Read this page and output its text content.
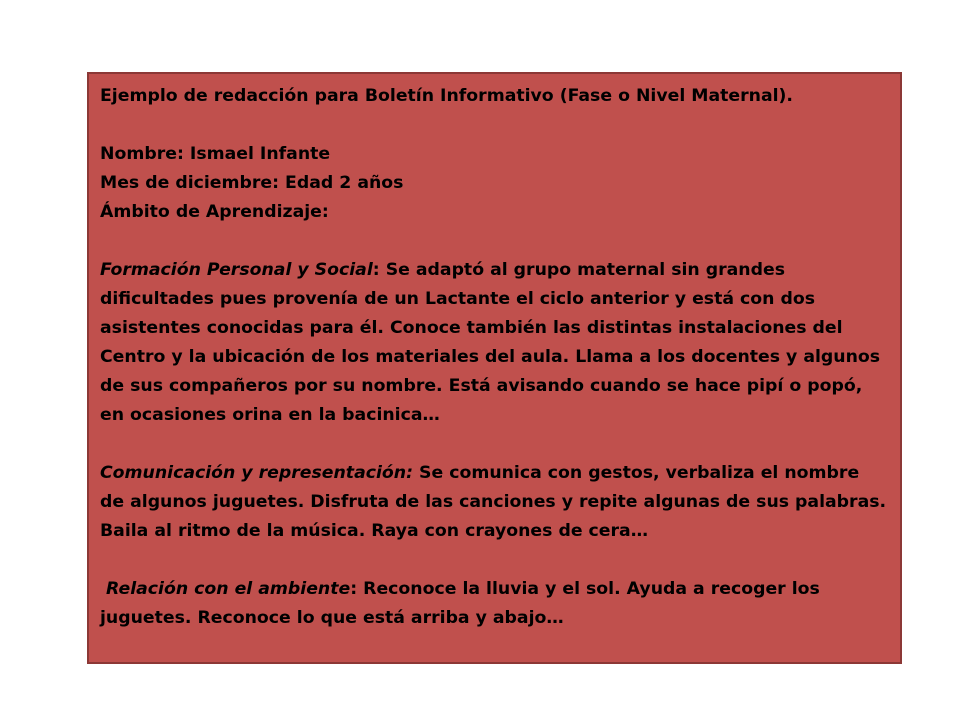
Ejemplo de redacción para Boletín Informativo (Fase o Nivel Maternal).

Nombre: Ismael Infante

Mes de diciembre: Edad 2 años

Ámbito de Aprendizaje:

Formación Personal y Social: Se adaptó al grupo maternal sin grandes dificultades pues provenía de un Lactante el ciclo anterior y está con dos asistentes conocidas para él. Conoce también las distintas instalaciones del Centro y la ubicación de los materiales del aula. Llama a los docentes y algunos de sus compañeros por su nombre. Está avisando cuando se hace pipí o popó, en ocasiones orina en la bacinica…

Comunicación y representación: Se comunica con gestos, verbaliza el nombre de algunos juguetes. Disfruta de las canciones y repite algunas de sus palabras. Baila al ritmo de la música. Raya con crayones de cera…

Relación con el ambiente: Reconoce la lluvia y el sol. Ayuda a recoger los juguetes. Reconoce lo que está arriba y abajo…
